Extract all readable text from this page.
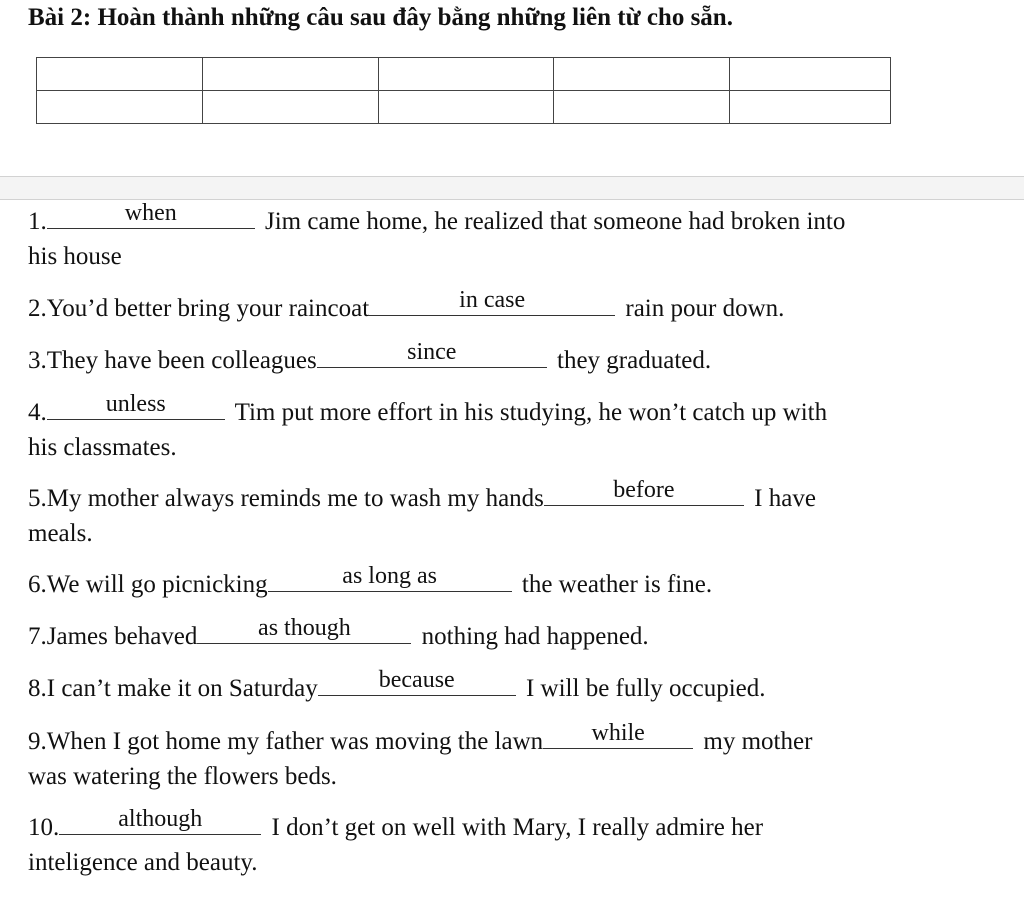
Bài 2: Hoàn thành những câu sau đây bằng những liên từ cho sẵn.

1.	when	Jim came home, he realized that someone had broken into
his house
2.You’d better bring your raincoat	in case	rain pour down.
3.They have been colleagues	since	they graduated.
4.	unless	Tim put more effort in his studying, he won’t catch up with
his classmates.
5.My mother always reminds me to wash my hands	before	I have
meals.
6.We will go picnicking	as long as	the weather is fine.
7.James behaved	as though	nothing had happened.
8.I can’t make it on Saturday	because	I will be fully occupied.
9.When I got home my father was moving the lawn	while	my mother
was watering the flowers beds.
10.	although	I don’t get on well with Mary, I really admire her
inteligence and beauty.
